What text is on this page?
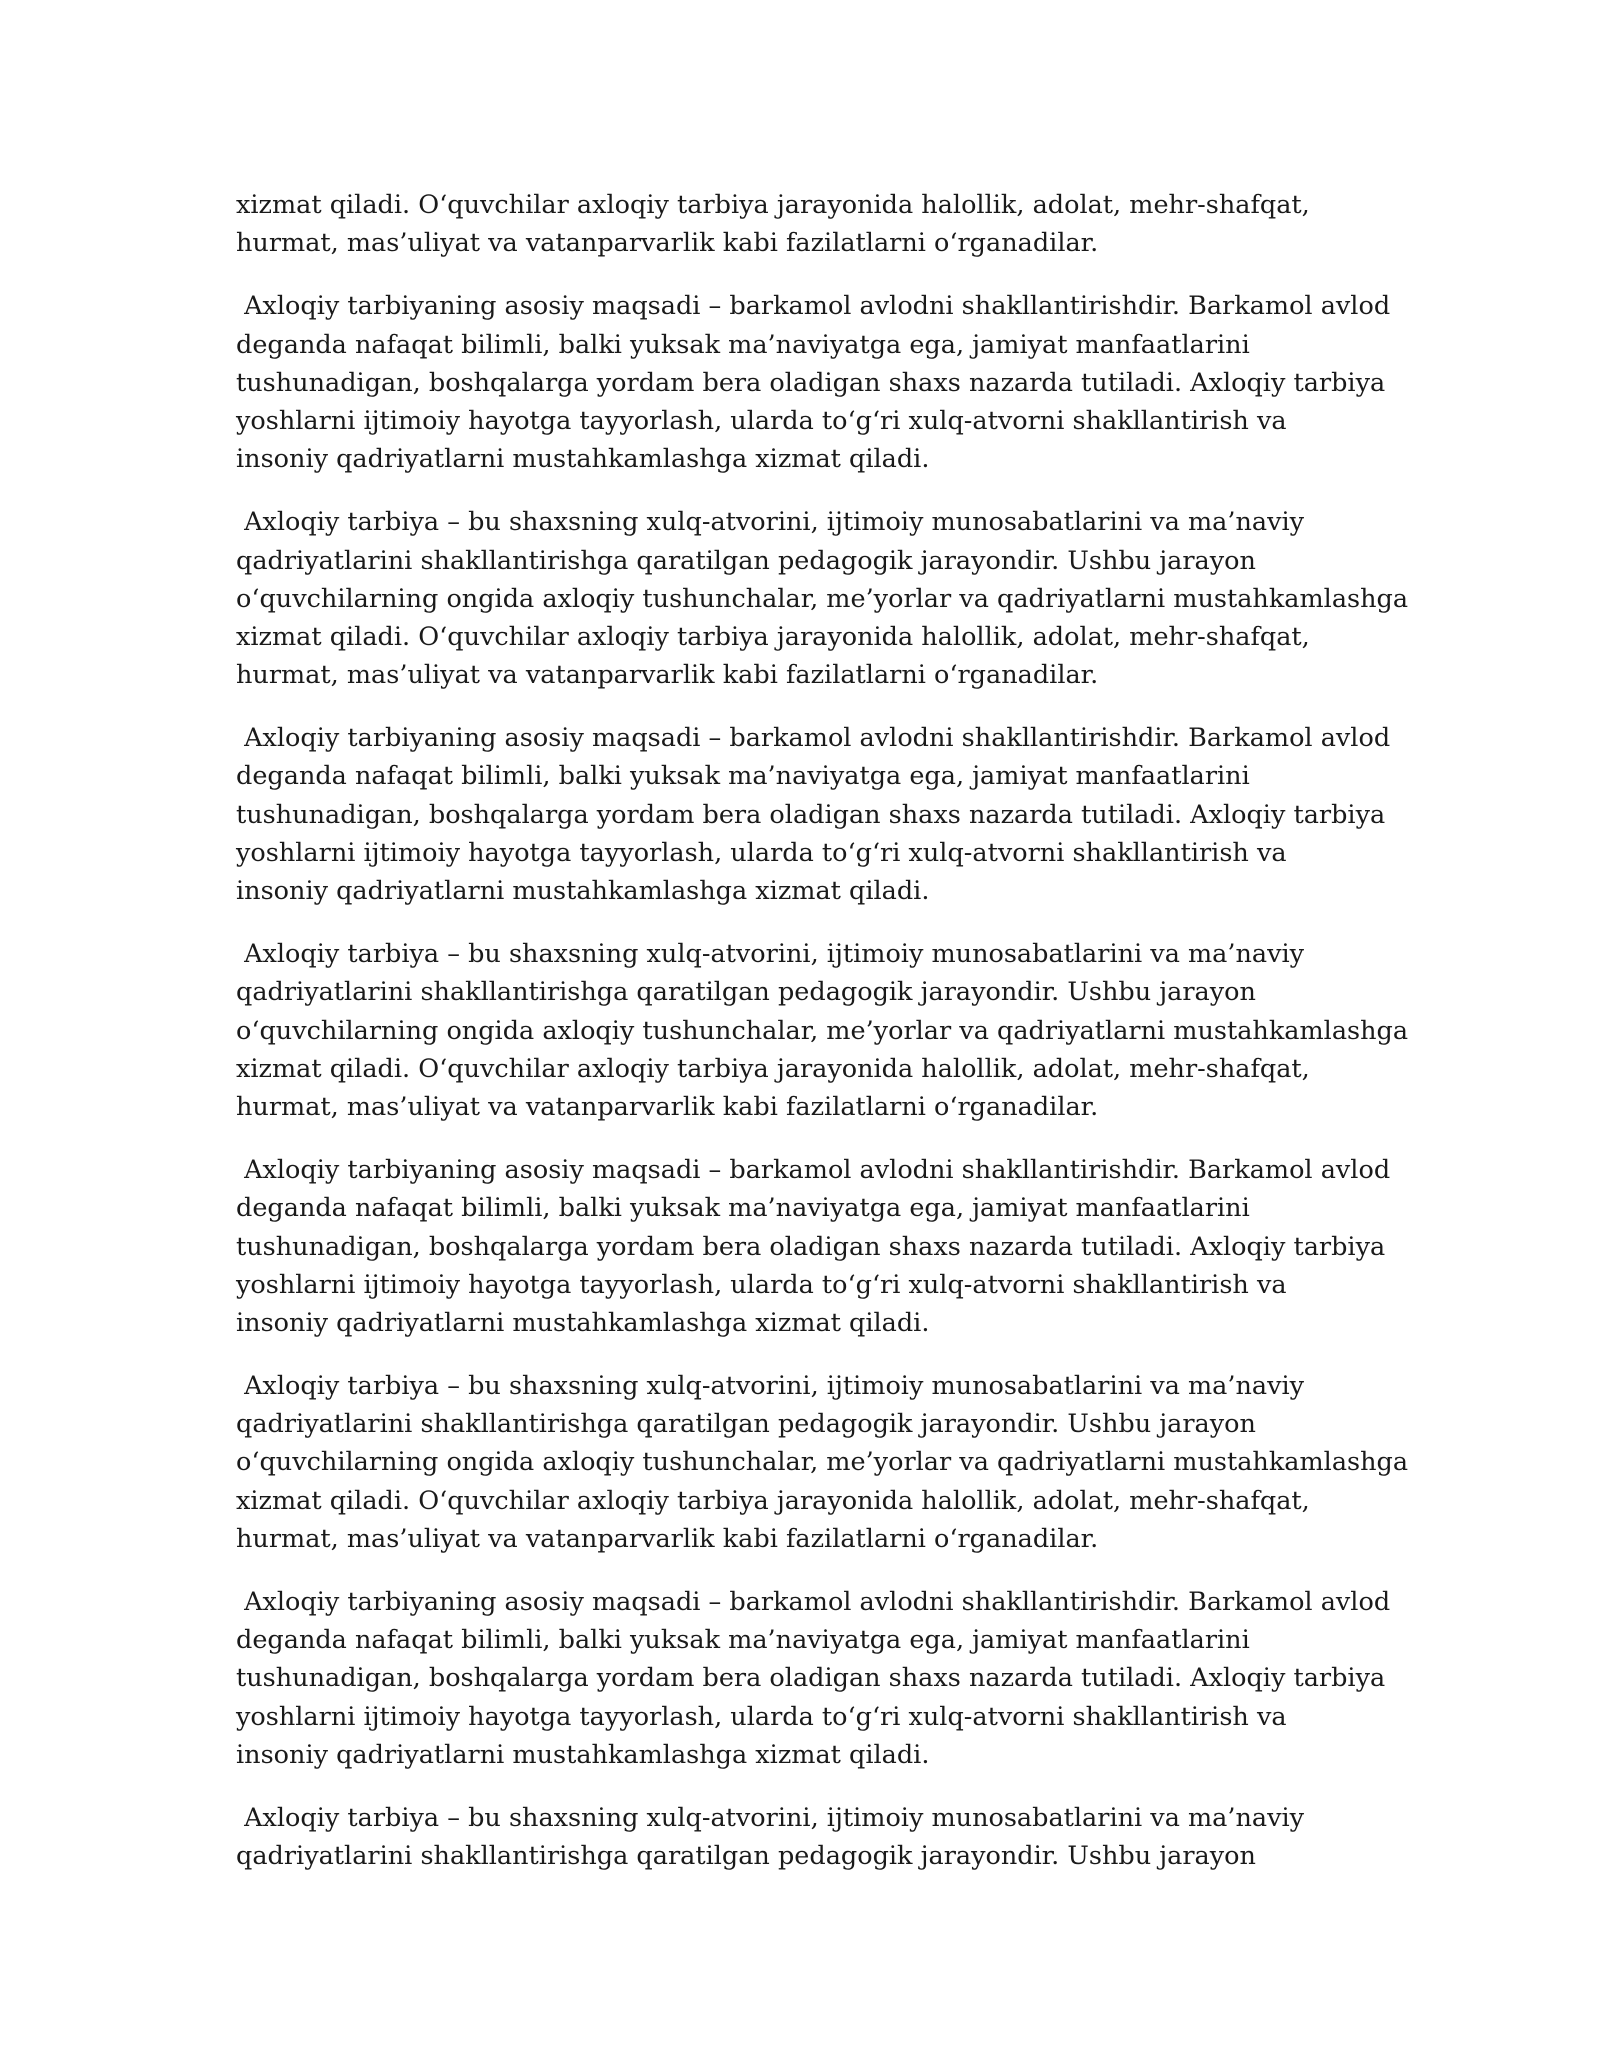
xizmat qiladi. O‘quvchilar axloqiy tarbiya jarayonida halollik, adolat, mehr-shafqat,
hurmat, mas’uliyat va vatanparvarlik kabi fazilatlarni o‘rganadilar.
Axloqiy tarbiyaning asosiy maqsadi – barkamol avlodni shakllantirishdir. Barkamol avlod
deganda nafaqat bilimli, balki yuksak ma’naviyatga ega, jamiyat manfaatlarini
tushunadigan, boshqalarga yordam bera oladigan shaxs nazarda tutiladi. Axloqiy tarbiya
yoshlarni ijtimoiy hayotga tayyorlash, ularda to‘g‘ri xulq-atvorni shakllantirish va
insoniy qadriyatlarni mustahkamlashga xizmat qiladi.
Axloqiy tarbiya – bu shaxsning xulq-atvorini, ijtimoiy munosabatlarini va ma’naviy
qadriyatlarini shakllantirishga qaratilgan pedagogik jarayondir. Ushbu jarayon
o‘quvchilarning ongida axloqiy tushunchalar, me’yorlar va qadriyatlarni mustahkamlashga
xizmat qiladi. O‘quvchilar axloqiy tarbiya jarayonida halollik, adolat, mehr-shafqat,
hurmat, mas’uliyat va vatanparvarlik kabi fazilatlarni o‘rganadilar.
Axloqiy tarbiyaning asosiy maqsadi – barkamol avlodni shakllantirishdir. Barkamol avlod
deganda nafaqat bilimli, balki yuksak ma’naviyatga ega, jamiyat manfaatlarini
tushunadigan, boshqalarga yordam bera oladigan shaxs nazarda tutiladi. Axloqiy tarbiya
yoshlarni ijtimoiy hayotga tayyorlash, ularda to‘g‘ri xulq-atvorni shakllantirish va
insoniy qadriyatlarni mustahkamlashga xizmat qiladi.
Axloqiy tarbiya – bu shaxsning xulq-atvorini, ijtimoiy munosabatlarini va ma’naviy
qadriyatlarini shakllantirishga qaratilgan pedagogik jarayondir. Ushbu jarayon
o‘quvchilarning ongida axloqiy tushunchalar, me’yorlar va qadriyatlarni mustahkamlashga
xizmat qiladi. O‘quvchilar axloqiy tarbiya jarayonida halollik, adolat, mehr-shafqat,
hurmat, mas’uliyat va vatanparvarlik kabi fazilatlarni o‘rganadilar.
Axloqiy tarbiyaning asosiy maqsadi – barkamol avlodni shakllantirishdir. Barkamol avlod
deganda nafaqat bilimli, balki yuksak ma’naviyatga ega, jamiyat manfaatlarini
tushunadigan, boshqalarga yordam bera oladigan shaxs nazarda tutiladi. Axloqiy tarbiya
yoshlarni ijtimoiy hayotga tayyorlash, ularda to‘g‘ri xulq-atvorni shakllantirish va
insoniy qadriyatlarni mustahkamlashga xizmat qiladi.
Axloqiy tarbiya – bu shaxsning xulq-atvorini, ijtimoiy munosabatlarini va ma’naviy
qadriyatlarini shakllantirishga qaratilgan pedagogik jarayondir. Ushbu jarayon
o‘quvchilarning ongida axloqiy tushunchalar, me’yorlar va qadriyatlarni mustahkamlashga
xizmat qiladi. O‘quvchilar axloqiy tarbiya jarayonida halollik, adolat, mehr-shafqat,
hurmat, mas’uliyat va vatanparvarlik kabi fazilatlarni o‘rganadilar.
Axloqiy tarbiyaning asosiy maqsadi – barkamol avlodni shakllantirishdir. Barkamol avlod
deganda nafaqat bilimli, balki yuksak ma’naviyatga ega, jamiyat manfaatlarini
tushunadigan, boshqalarga yordam bera oladigan shaxs nazarda tutiladi. Axloqiy tarbiya
yoshlarni ijtimoiy hayotga tayyorlash, ularda to‘g‘ri xulq-atvorni shakllantirish va
insoniy qadriyatlarni mustahkamlashga xizmat qiladi.
Axloqiy tarbiya – bu shaxsning xulq-atvorini, ijtimoiy munosabatlarini va ma’naviy
qadriyatlarini shakllantirishga qaratilgan pedagogik jarayondir. Ushbu jarayon
